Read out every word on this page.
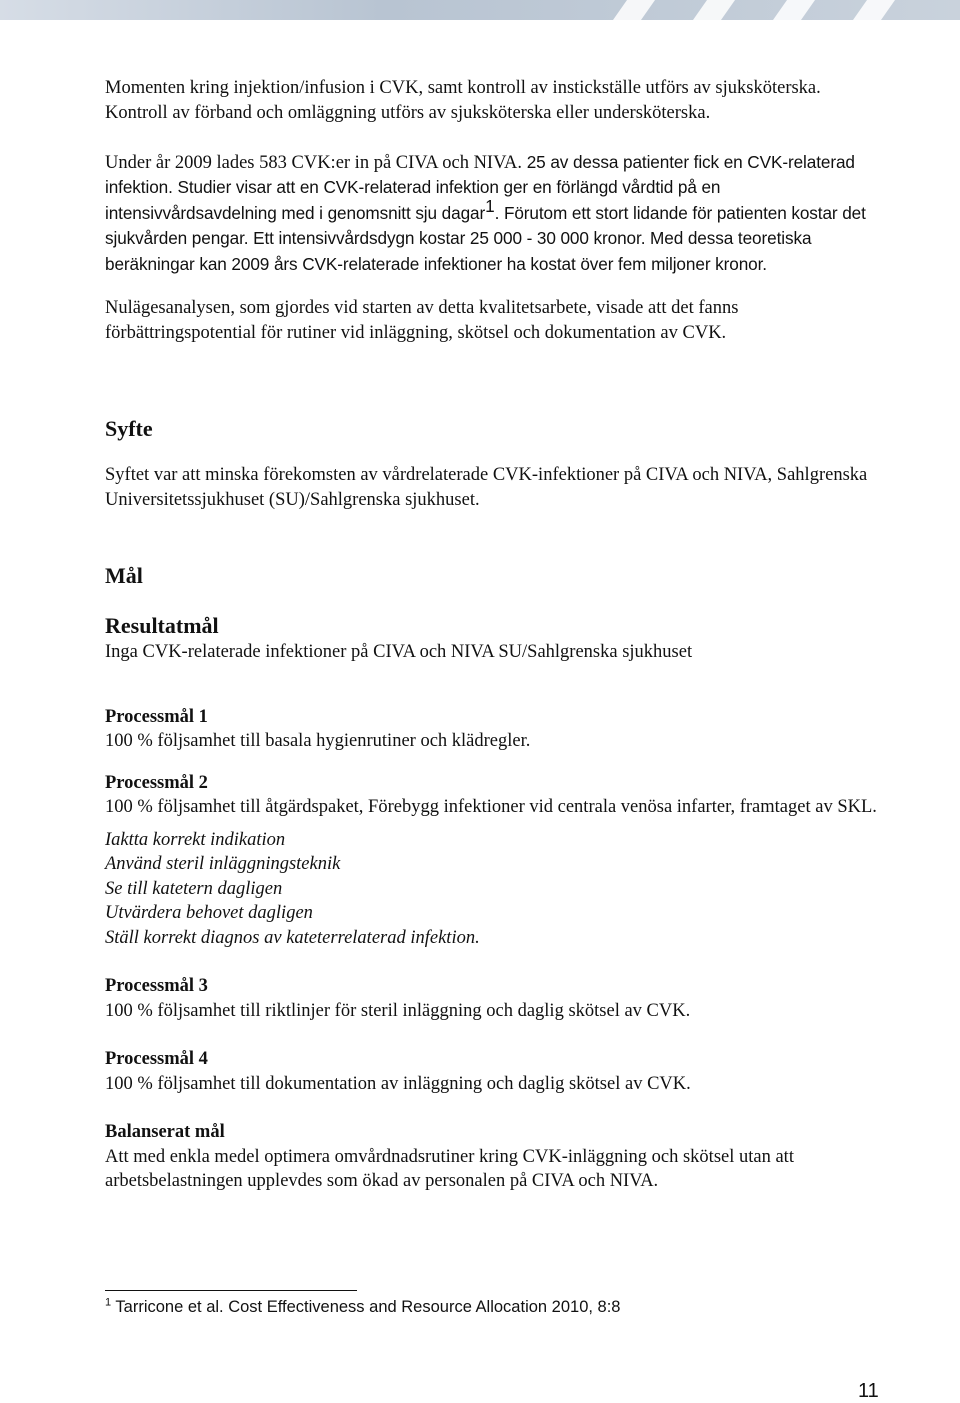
Momenten kring injektion/infusion i CVK, samt kontroll av instickställe utförs av sjuksköterska. Kontroll av förband och omläggning utförs av sjuksköterska eller undersköterska.

Under år 2009 lades 583 CVK:er in på CIVA och NIVA. 25 av dessa patienter fick en CVK-relaterad infektion. Studier visar att en CVK-relaterad infektion ger en förlängd vårdtid på en intensivvårdsavdelning med i genomsnitt sju dagar$^1$. Förutom ett stort lidande för patienten kostar det sjukvården pengar. Ett intensivvårdsdygn kostar 25 000 - 30 000 kronor. Med dessa teoretiska beräkningar kan 2009 års CVK-relaterade infektioner ha kostat över fem miljoner kronor.

Nulägesanalysen, som gjordes vid starten av detta kvalitetsarbete, visade att det fanns förbättringspotential för rutiner vid inläggning, skötsel och dokumentation av CVK.

Syfte

Syftet var att minska förekomsten av vårdrelaterade CVK-infektioner på CIVA och NIVA, Sahlgrenska Universitetssjukhuset (SU)/Sahlgrenska sjukhuset.

Mål

Resultatmål

Inga CVK-relaterade infektioner på CIVA och NIVA SU/Sahlgrenska sjukhuset

Processmål 1

100 % följsamhet till basala hygienrutiner och klädregler.

Processmål 2

100 % följsamhet till åtgärdspaket, Förebygg infektioner vid centrala venösa infarter, framtaget av SKL.

Iaktta korrekt indikation

Använd steril inläggningsteknik

Se till katetern dagligen

Utvärdera behovet dagligen

Ställ korrekt diagnos av kateterrelaterad infektion.

Processmål 3

100 % följsamhet till riktlinjer för steril inläggning och daglig skötsel av CVK.

Processmål 4

100 % följsamhet till dokumentation av inläggning och daglig skötsel av CVK.

Balanserat mål

Att med enkla medel optimera omvårdnadsrutiner kring CVK-inläggning och skötsel utan att arbetsbelastningen upplevdes som ökad av personalen på CIVA och NIVA.

$^1$ Tarricone et al. Cost Effectiveness and Resource Allocation 2010, 8:8
11
